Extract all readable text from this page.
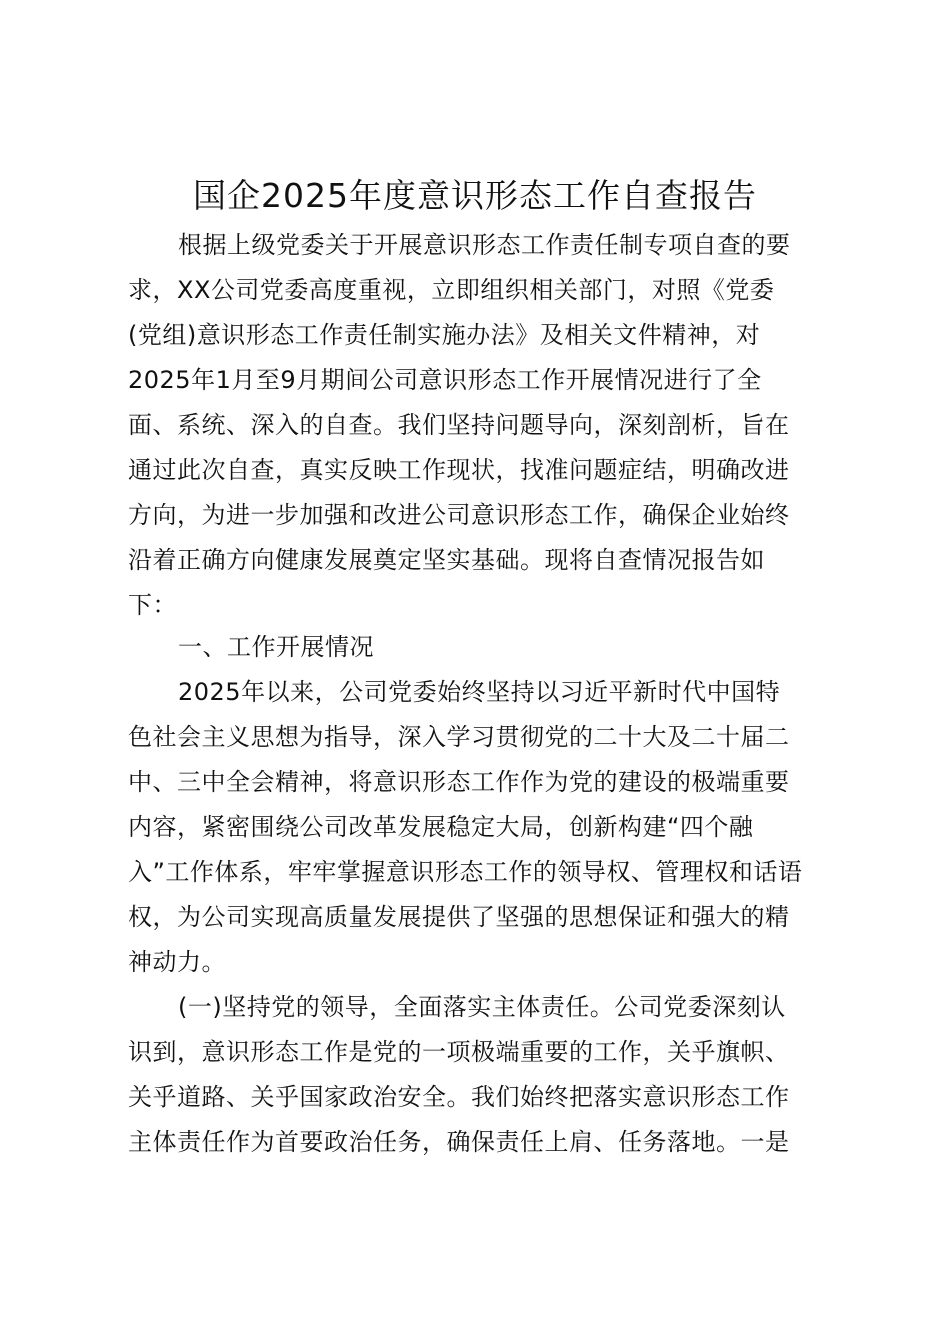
国企2025年度意识形态工作自查报告
根据上级党委关于开展意识形态工作责任制专项自查的要
求，XX公司党委高度重视，立即组织相关部门，对照《党委
(党组)意识形态工作责任制实施办法》及相关文件精神，对
2025年1月至9月期间公司意识形态工作开展情况进行了全
面、系统、深入的自查。我们坚持问题导向，深刻剖析，旨在
通过此次自查，真实反映工作现状，找准问题症结，明确改进
方向，为进一步加强和改进公司意识形态工作，确保企业始终
沿着正确方向健康发展奠定坚实基础。现将自查情况报告如
下：
一、工作开展情况
2025年以来，公司党委始终坚持以习近平新时代中国特
色社会主义思想为指导，深入学习贯彻党的二十大及二十届二
中、三中全会精神，将意识形态工作作为党的建设的极端重要
内容，紧密围绕公司改革发展稳定大局，创新构建“四个融
入”工作体系，牢牢掌握意识形态工作的领导权、管理权和话语
权，为公司实现高质量发展提供了坚强的思想保证和强大的精
神动力。
(一)坚持党的领导，全面落实主体责任。公司党委深刻认
识到，意识形态工作是党的一项极端重要的工作，关乎旗帜、
关乎道路、关乎国家政治安全。我们始终把落实意识形态工作
主体责任作为首要政治任务，确保责任上肩、任务落地。一是
